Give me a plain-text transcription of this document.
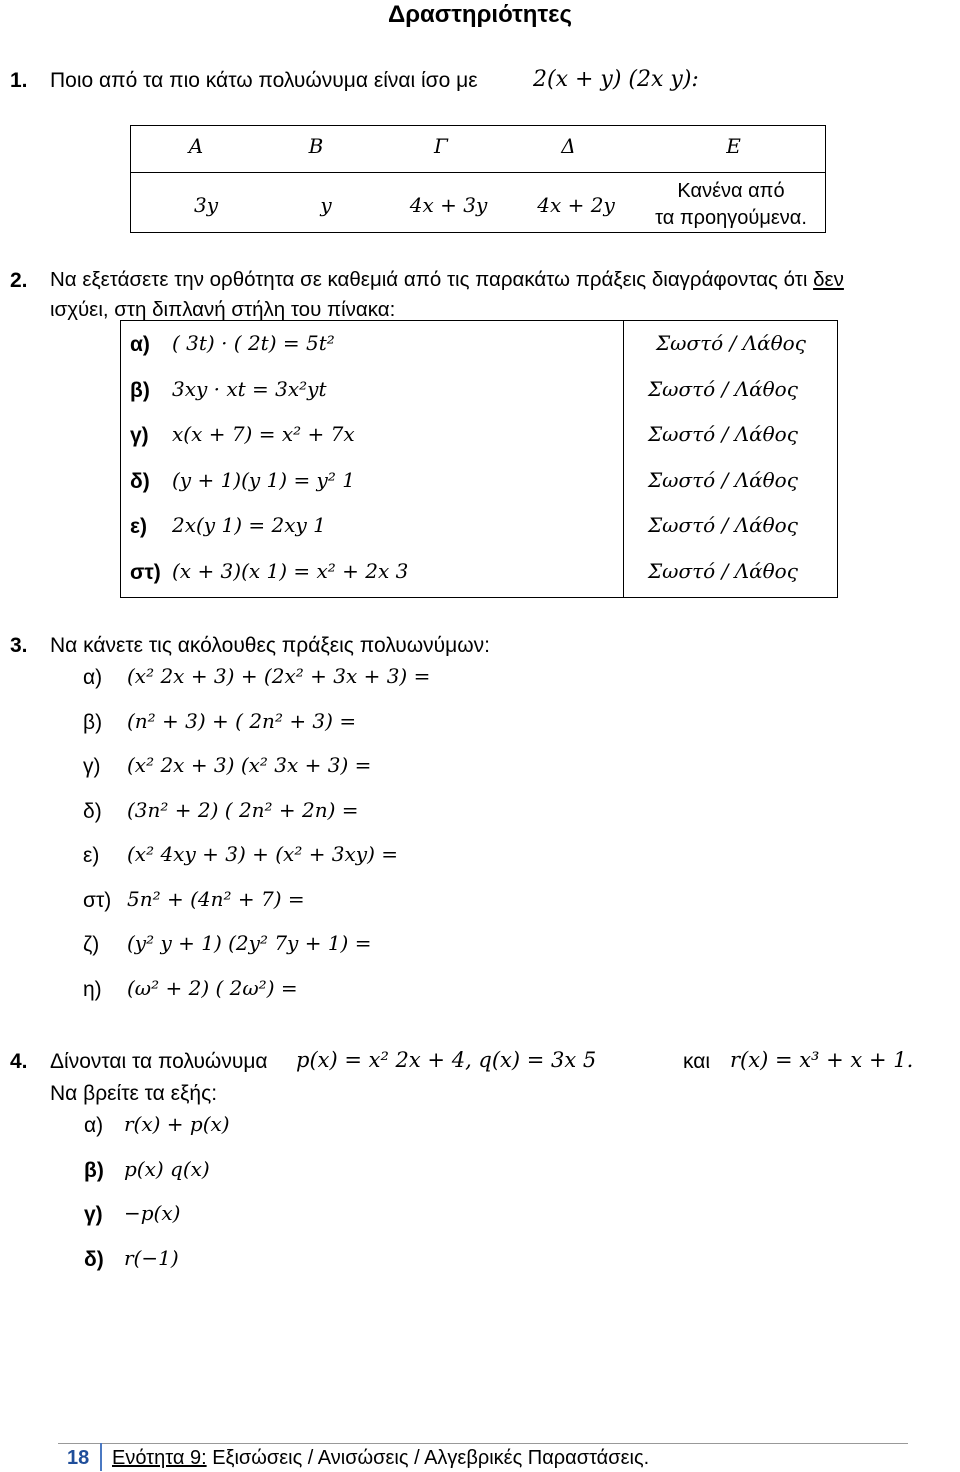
Δραστηριότητες
1. Ποιο από τα πιο κάτω πολυώνυμα είναι ίσο με	2(𝑥 + 𝑦) (2𝑥 𝑦):
Α	Β	Γ	Δ	Ε
3𝑦	𝑦	4𝑥 + 3𝑦	4𝑥 + 2𝑦
Κανένα από
τα προηγούμενα.
2. Να εξετάσετε την ορθότητα σε καθεμιά από τις παρακάτω πράξεις διαγράφοντας ότι δεν
ισχύει, στη διπλανή στήλη του πίνακα:
α) ( 3𝑡) · ( 2𝑡) = 5𝑡²	𝛴𝜔𝜎𝜏ό / 𝛬ά𝜃𝜊𝜍
β) 3𝑥𝑦 · 𝑥𝑡 = 3𝑥²𝑦𝑡	𝛴𝜔𝜎𝜏ό / 𝛬ά𝜃𝜊𝜍
γ) 𝑥(𝑥 + 7) = 𝑥² + 7𝑥	𝛴𝜔𝜎𝜏ό / 𝛬ά𝜃𝜊𝜍
δ) (𝑦 + 1)(𝑦 1) = 𝑦² 1	𝛴𝜔𝜎𝜏ό / 𝛬ά𝜃𝜊𝜍
ε) 2𝑥(𝑦 1) = 2𝑥𝑦 1	𝛴𝜔𝜎𝜏ό / 𝛬ά𝜃𝜊𝜍
στ) (𝑥 + 3)(𝑥 1) = 𝑥² + 2𝑥 3	𝛴𝜔𝜎𝜏ό / 𝛬ά𝜃𝜊𝜍
3. Να κάνετε τις ακόλουθες πράξεις πολυωνύμων:
α) (𝑥² 2𝑥 + 3) + (2𝑥² + 3𝑥 + 3) =
β) (𝑛² + 3) + ( 2𝑛² + 3) =
γ) (𝑥² 2𝑥 + 3) (𝑥² 3𝑥 + 3) =
δ) (3𝑛² + 2) ( 2𝑛² + 2𝑛) =
ε) (𝑥² 4𝑥𝑦 + 3) + (𝑥² + 3𝑥𝑦) =
στ) 5𝑛² + (4𝑛² + 7) =
ζ) (𝑦² 𝑦 + 1) (2𝑦² 7𝑦 + 1) =
η) (𝜔² + 2) ( 2𝜔²) =
4. Δίνονται τα πολυώνυμα 𝑝(𝑥) = 𝑥² 2𝑥 + 4, 𝑞(𝑥) = 3𝑥 5	και 𝑟(𝑥) = 𝑥³ + 𝑥 + 1.
Να βρείτε τα εξής:
α) 𝑟(𝑥) + 𝑝(𝑥)
β) 𝑝(𝑥) 𝑞(𝑥)
γ) −𝑝(𝑥)
δ) 𝑟(−1)
18 Ενότητα 9: Εξισώσεις / Ανισώσεις / Αλγεβρικές Παραστάσεις.
